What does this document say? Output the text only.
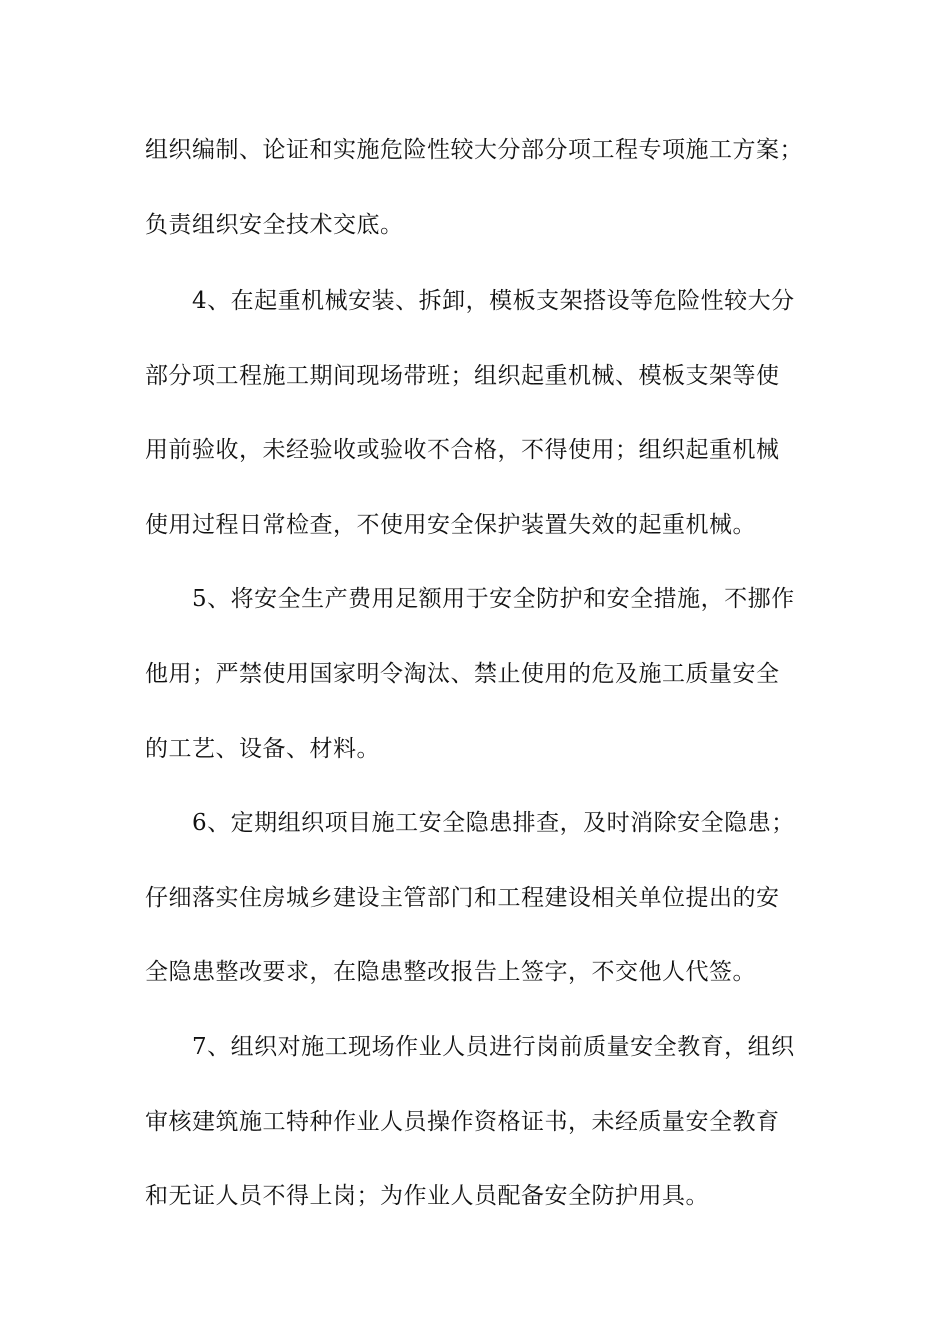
组织编制、论证和实施危险性较大分部分项工程专项施工方案；
负责组织安全技术交底。
4、在起重机械安装、拆卸，模板支架搭设等危险性较大分
部分项工程施工期间现场带班；组织起重机械、模板支架等使
用前验收，未经验收或验收不合格，不得使用；组织起重机械
使用过程日常检查，不使用安全保护装置失效的起重机械。
5、将安全生产费用足额用于安全防护和安全措施，不挪作
他用；严禁使用国家明令淘汰、禁止使用的危及施工质量安全
的工艺、设备、材料。
6、定期组织项目施工安全隐患排查，及时消除安全隐患；
仔细落实住房城乡建设主管部门和工程建设相关单位提出的安
全隐患整改要求，在隐患整改报告上签字，不交他人代签。
7、组织对施工现场作业人员进行岗前质量安全教育，组织
审核建筑施工特种作业人员操作资格证书，未经质量安全教育
和无证人员不得上岗；为作业人员配备安全防护用具。
